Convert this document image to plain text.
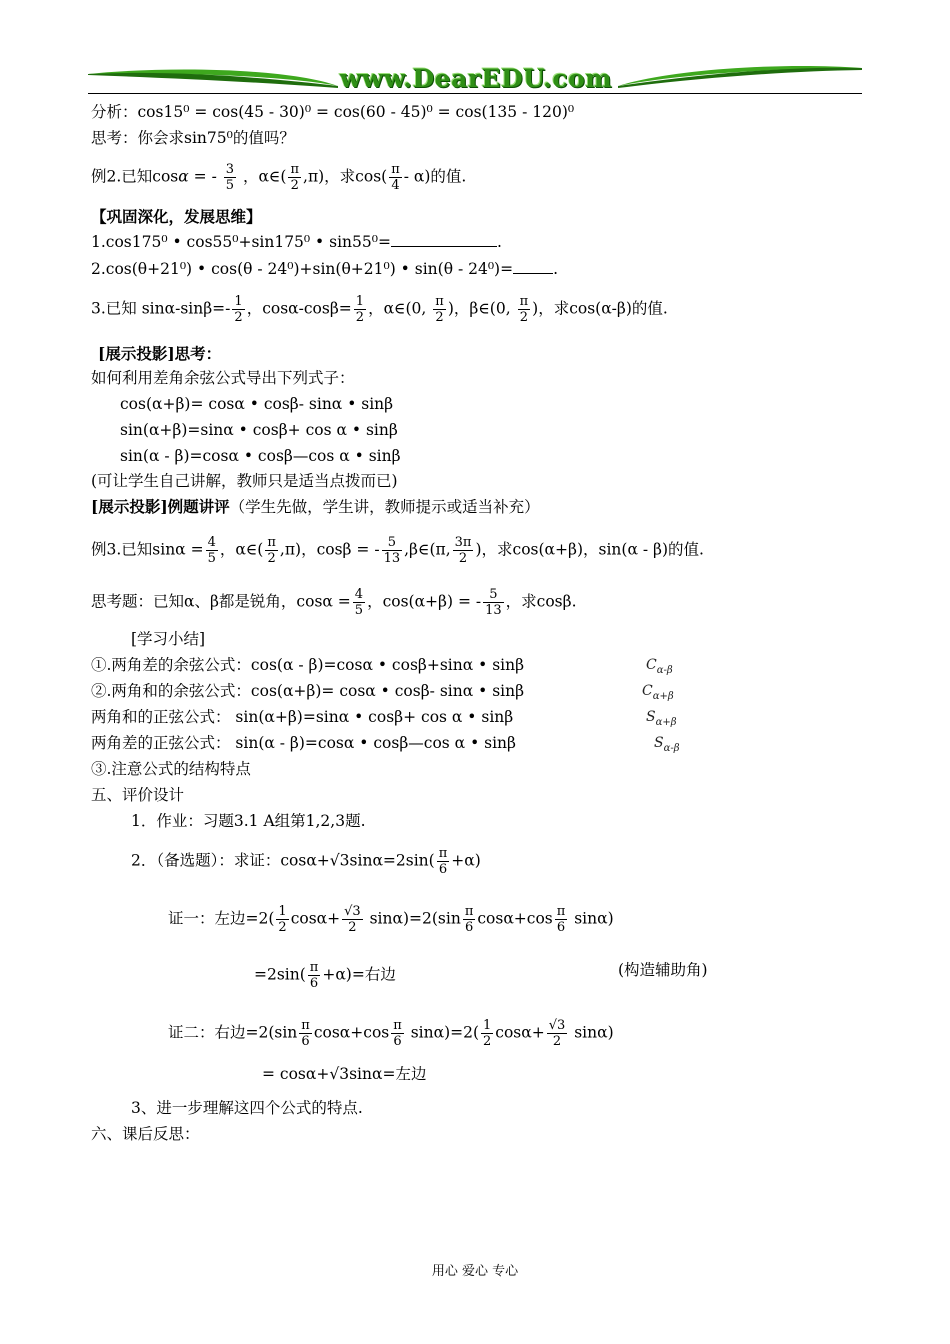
www.DearEDU.com
分析：cos15⁰ = cos(45 - 30)⁰ = cos(60 - 45)⁰ = cos(135 - 120)⁰
思考：你会求sin75⁰的值吗？
例2.已知cosα = - $\frac{3}{5}$ ，α∈( $\frac{\pi}{2} ,\pi$)，求$\cos( \frac{\pi}{4} - \alpha)$的值.
【巩固深化，发展思维】
1.cos175⁰ • cos55⁰+sin175⁰ • sin55⁰=	.
2.cos(θ+21⁰) • cos(θ - 24⁰)+sin(θ+21⁰) • sin(θ - 24⁰)=	.
3.已知 $\sin\alpha-\sin\beta=- \frac{1}{2}$ ，$\cos\alpha-\cos\beta= \frac{1}{2}$ ，α∈(0, $\frac{\pi}{2}$ )，β∈(0, $\frac{\pi}{2}$ )，求cos(α-β)的值.
[展示投影]思考：
如何利用差角余弦公式导出下列式子：
cos(α+β)= cosα • cosβ- sinα • sinβ
sin(α+β)=sinα • cosβ+ cos α • sinβ
sin(α - β)=cosα • cosβ—cos α • sinβ
(可让学生自己讲解，教师只是适当点拨而已)
[展示投影]例题讲评（学生先做，学生讲，教师提示或适当补充）
例3.已知$\sin\alpha = \frac{4}{5}$ ，α∈( $\frac{\pi}{2} ,\pi$)，cosβ = - $\frac{5}{13}$ ,β∈(π, $\frac{3\pi}{2}$ )，求cos(α+β)，sin(α - β)的值.
思考题：已知α、β都是锐角，$\cos\alpha = \frac{4}{5}$ ，cos(α+β) = - $\frac{5}{13}$ ，求cosβ.
[学习小结]
①.两角差的余弦公式：cos(α - β)=cosα • cosβ+sinα • sinβ	$C_{\alpha-\beta}$
②.两角和的余弦公式：cos(α+β)= cosα • cosβ- sinα • sinβ	$C_{\alpha+\beta}$
两角和的正弦公式： sin(α+β)=sinα • cosβ+ cos α • sinβ	$S_{\alpha+\beta}$
两角差的正弦公式： sin(α - β)=cosα • cosβ—cos α • sinβ	$S_{\alpha-\beta}$
③.注意公式的结构特点
五、评价设计
1．作业：习题3.1 A组第1,2,3题.
2．（备选题）：求证：$\cos\alpha+√3\sin\alpha=2\sin( \frac{\pi}{6} +\alpha)$
证一：左边$=2( \frac{1}{2} \cos\alpha+ \frac{√3}{2} \sin\alpha)=2(\sin \frac{\pi}{6} \cos\alpha+\cos \frac{\pi}{6} \sin\alpha)$
$=2\sin( \frac{\pi}{6} +\alpha)=$右边	(构造辅助角)
证二：右边$=2(\sin \frac{\pi}{6} \cos\alpha+\cos \frac{\pi}{6} \sin\alpha)=2( \frac{1}{2} \cos\alpha+ \frac{√3}{2} \sin\alpha)$
= cosα+√3sinα=左边
3、进一步理解这四个公式的特点.
六、课后反思：
用心 爱心 专心
